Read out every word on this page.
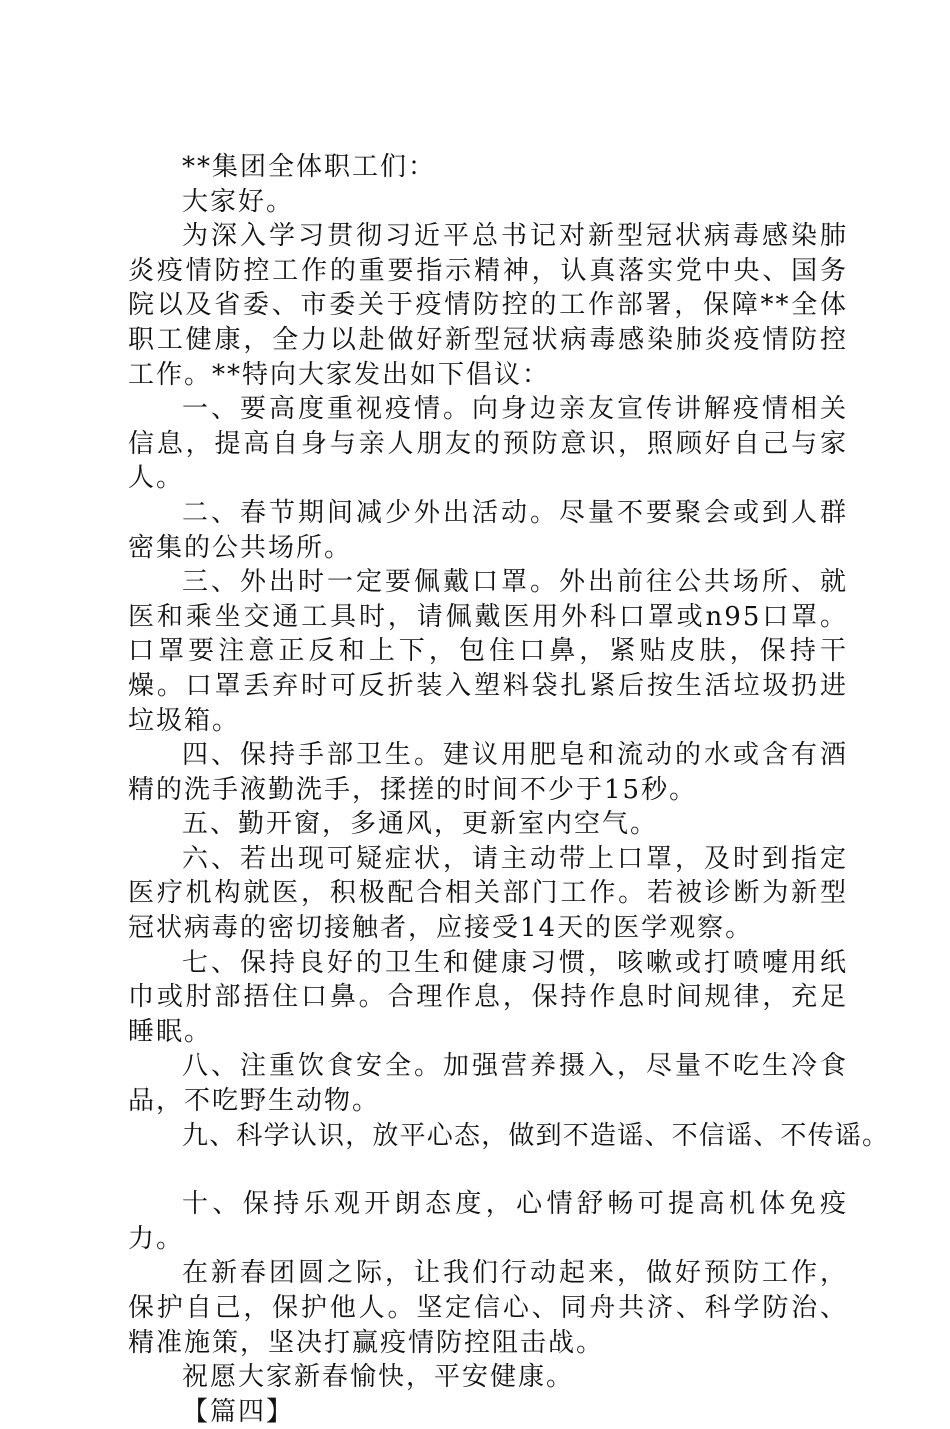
**集团全体职工们：

大家好。

为深入学习贯彻习近平总书记对新型冠状病毒感染肺炎疫情防控工作的重要指示精神，认真落实党中央、国务院以及省委、市委关于疫情防控的工作部署，保障**全体职工健康，全力以赴做好新型冠状病毒感染肺炎疫情防控工作。**特向大家发出如下倡议：

一、要高度重视疫情。向身边亲友宣传讲解疫情相关信息，提高自身与亲人朋友的预防意识，照顾好自己与家人。

二、春节期间减少外出活动。尽量不要聚会或到人群密集的公共场所。

三、外出时一定要佩戴口罩。外出前往公共场所、就医和乘坐交通工具时，请佩戴医用外科口罩或n95口罩。口罩要注意正反和上下，包住口鼻，紧贴皮肤，保持干燥。口罩丢弃时可反折装入塑料袋扎紧后按生活垃圾扔进垃圾箱。

四、保持手部卫生。建议用肥皂和流动的水或含有酒精的洗手液勤洗手，揉搓的时间不少于15秒。

五、勤开窗，多通风，更新室内空气。

六、若出现可疑症状，请主动带上口罩，及时到指定医疗机构就医，积极配合相关部门工作。若被诊断为新型冠状病毒的密切接触者，应接受14天的医学观察。

七、保持良好的卫生和健康习惯，咳嗽或打喷嚏用纸巾或肘部捂住口鼻。合理作息，保持作息时间规律，充足睡眠。

八、注重饮食安全。加强营养摄入，尽量不吃生冷食品，不吃野生动物。

九、科学认识，放平心态，做到不造谣、不信谣、不传谣。

十、保持乐观开朗态度，心情舒畅可提高机体免疫力。

在新春团圆之际，让我们行动起来，做好预防工作，保护自己，保护他人。坚定信心、同舟共济、科学防治、精准施策，坚决打赢疫情防控阻击战。

祝愿大家新春愉快，平安健康。

【篇四】
